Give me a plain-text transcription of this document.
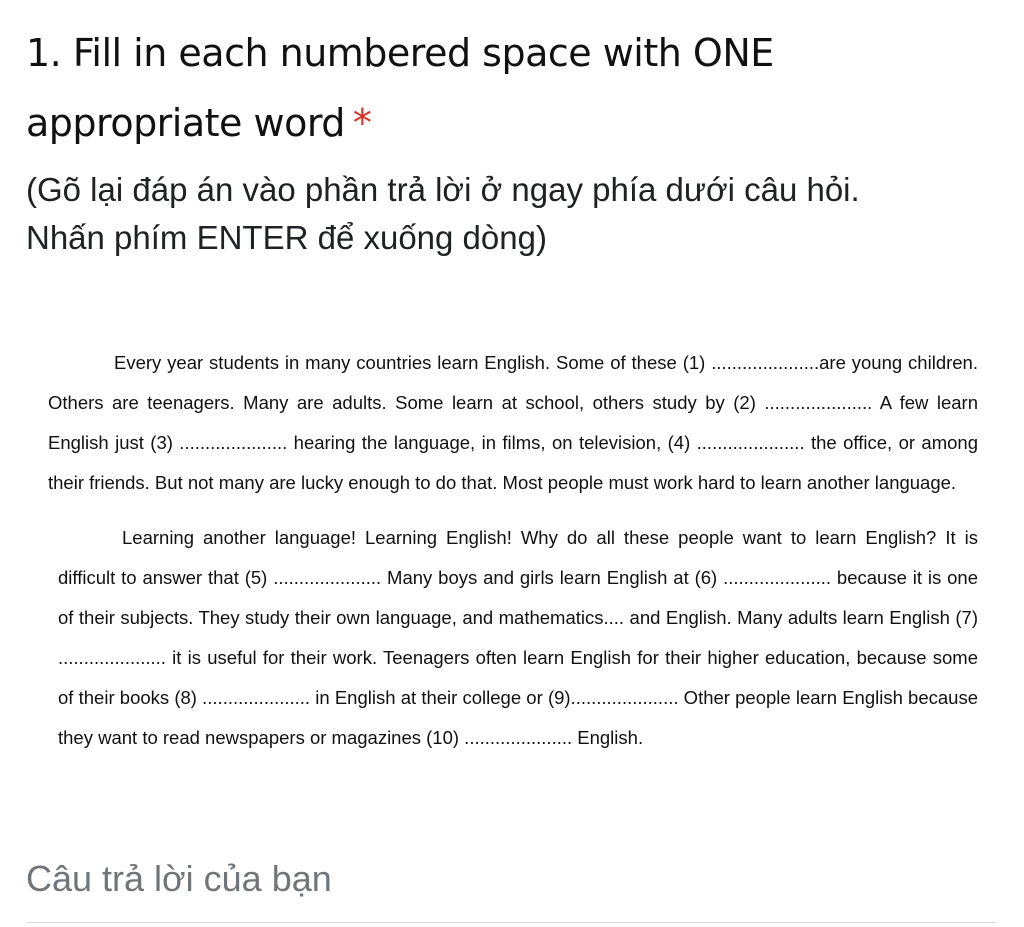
1. Fill in each numbered space with ONE appropriate word *
(Gõ lại đáp án vào phần trả lời ở ngay phía dưới câu hỏi.
Nhấn phím ENTER để xuống dòng)

Every year students in many countries learn English. Some of these (1) .....................are young children. Others are teenagers. Many are adults. Some learn at school, others study by (2) ..................... A few learn English just (3) ..................... hearing the language, in films, on television, (4) ..................... the office, or among their friends. But not many are lucky enough to do that. Most people must work hard to learn another language.

Learning another language! Learning English! Why do all these people want to learn English? It is difficult to answer that (5) ..................... Many boys and girls learn English at (6) ..................... because it is one of their subjects. They study their own language, and mathematics.... and English. Many adults learn English (7) ..................... it is useful for their work. Teenagers often learn English for their higher education, because some of their books (8) ..................... in English at their college or (9)..................... Other people learn English because they want to read newspapers or magazines (10) ..................... English.

Câu trả lời của bạn
